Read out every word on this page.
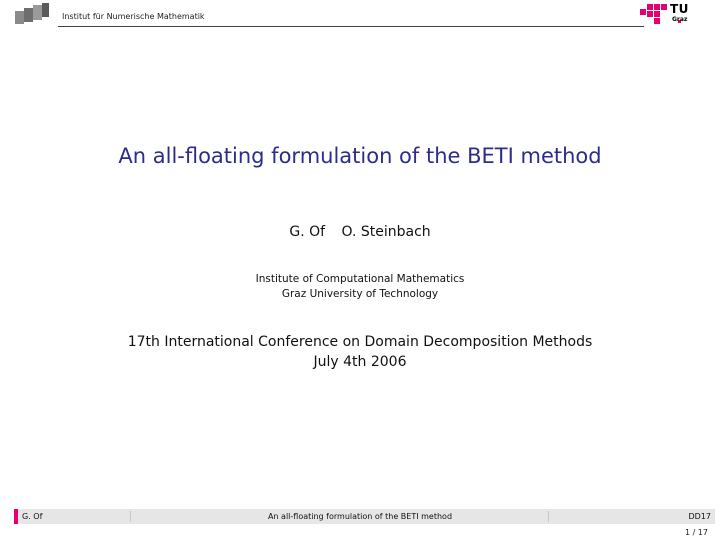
Institut für Numerische Mathematik
TU
Graz
An all-floating formulation of the BETI method
G. Of O. Steinbach
Institute of Computational Mathematics
Graz University of Technology
17th International Conference on Domain Decomposition Methods
July 4th 2006
G. Of	An all-floating formulation of the BETI method	DD17
1 / 17
